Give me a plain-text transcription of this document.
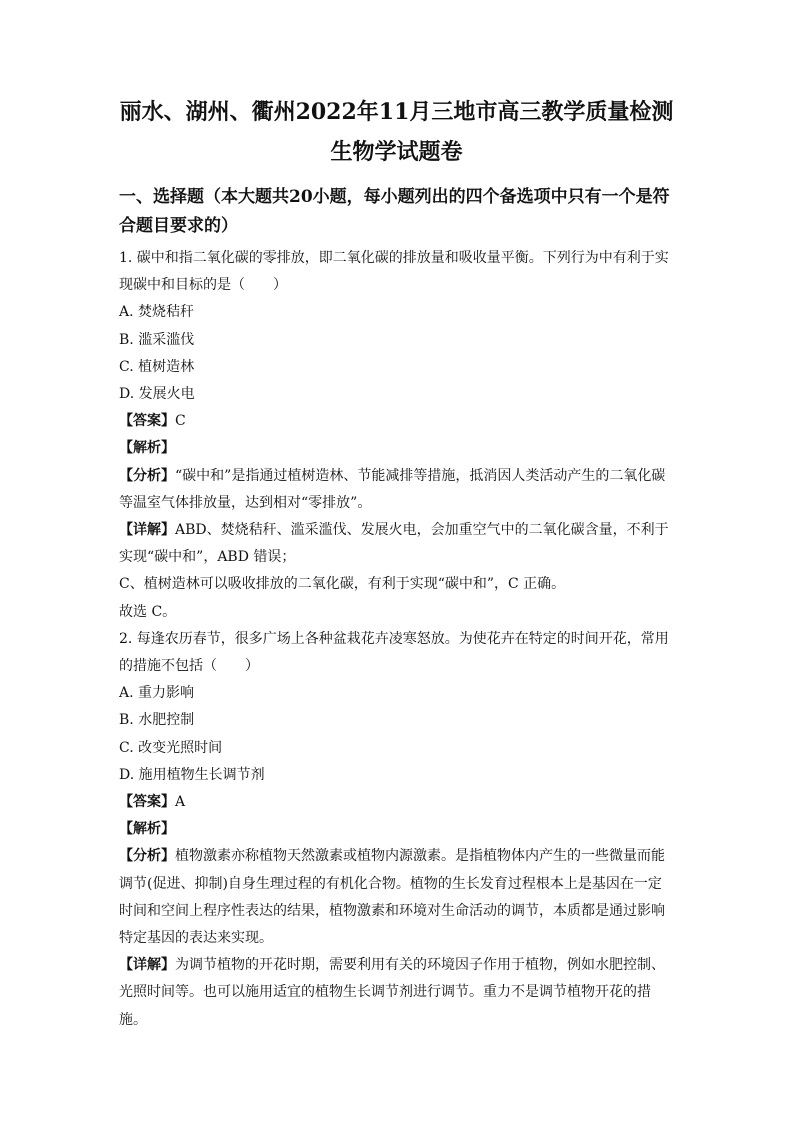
丽水、湖州、衢州2022年11月三地市高三教学质量检测
生物学试题卷
一、选择题（本大题共20小题，每小题列出的四个备选项中只有一个是符合题目要求的）
1. 碳中和指二氧化碳的零排放，即二氧化碳的排放量和吸收量平衡。下列行为中有利于实
现碳中和目标的是（　　）
A. 焚烧秸秆
B. 滥采滥伐
C. 植树造林
D. 发展火电
【答案】C
【解析】
【分析】“碳中和”是指通过植树造林、节能减排等措施，抵消因人类活动产生的二氧化碳等温室气体排放量，达到相对“零排放”。
【详解】ABD、焚烧秸秆、滥采滥伐、发展火电，会加重空气中的二氧化碳含量，不利于实现“碳中和”，ABD 错误；
C、植树造林可以吸收排放的二氧化碳，有利于实现“碳中和”，C 正确。
故选 C。
2. 每逢农历春节，很多广场上各种盆栽花卉凌寒怒放。为使花卉在特定的时间开花，常用
的措施不包括（　　）
A. 重力影响
B. 水肥控制
C. 改变光照时间
D. 施用植物生长调节剂
【答案】A
【解析】
【分析】植物激素亦称植物天然激素或植物内源激素。是指植物体内产生的一些微量而能调节(促进、抑制)自身生理过程的有机化合物。植物的生长发育过程根本上是基因在一定时间和空间上程序性表达的结果，植物激素和环境对生命活动的调节，本质都是通过影响特定基因的表达来实现。
【详解】为调节植物的开花时期，需要利用有关的环境因子作用于植物，例如水肥控制、光照时间等。也可以施用适宜的植物生长调节剂进行调节。重力不是调节植物开花的措施。
